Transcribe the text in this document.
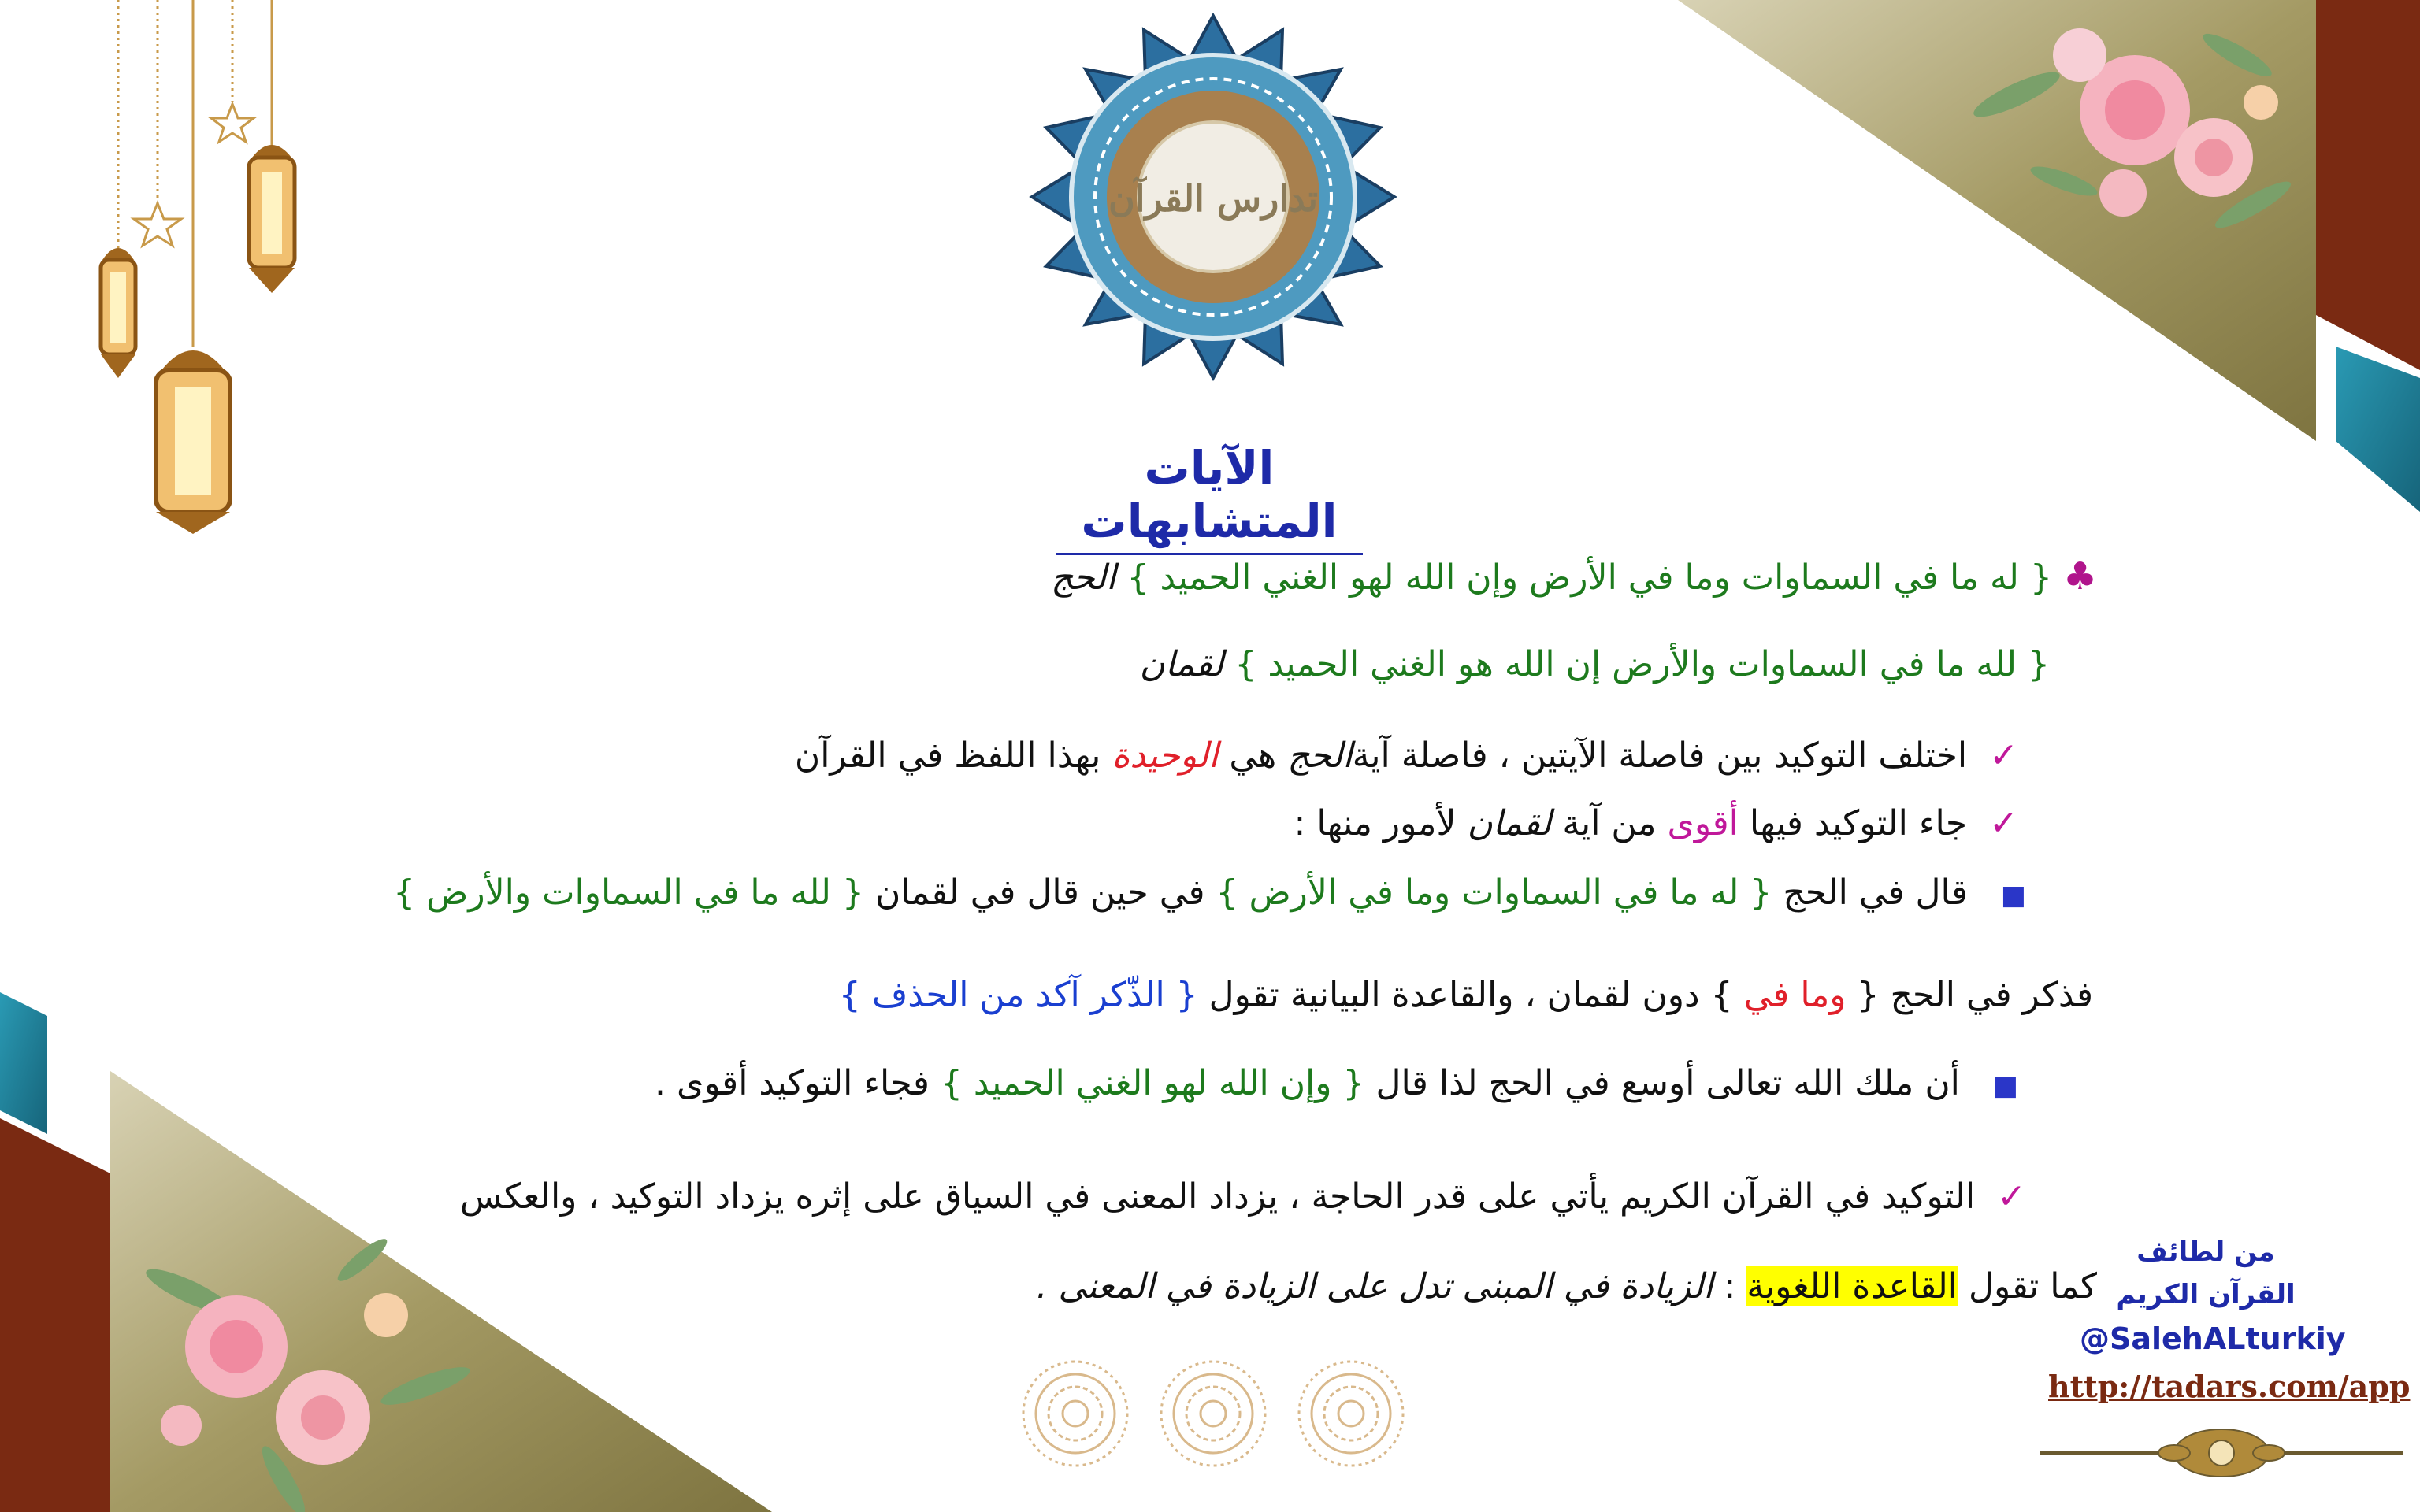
تدارس القرآن
الآيات المتشابهات
♣ { له ما في السماوات وما في الأرض وإن الله لهو الغني الحميد } الحج
{ لله ما في السماوات والأرض إن الله هو الغني الحميد } لقمان
✓  اختلف التوكيد بين فاصلة الآيتين ، فاصلة آيةالحج هي الوحيدة بهذا اللفظ في القرآن
✓  جاء التوكيد فيها أقوى من آية لقمان لأمور منها :
■   قال في الحج { له ما في السماوات وما في الأرض } في حين قال في لقمان { لله ما في السماوات والأرض }
فذكر في الحج { وما في } دون لقمان ، والقاعدة البيانية تقول { الذّكر آكد من الحذف }
■   أن ملك الله تعالى أوسع في الحج لذا قال { وإن الله لهو الغني الحميد } فجاء التوكيد أقوى .
✓  التوكيد في القرآن الكريم يأتي على قدر الحاجة ، يزداد المعنى في السياق على إثره يزداد التوكيد ، والعكس
كما تقول القاعدة اللغوية : الزيادة في المبنى تدل على الزيادة في المعنى .
من لطائف
القرآن الكريم
@SalehALturkiy
http://tadars.com/app
